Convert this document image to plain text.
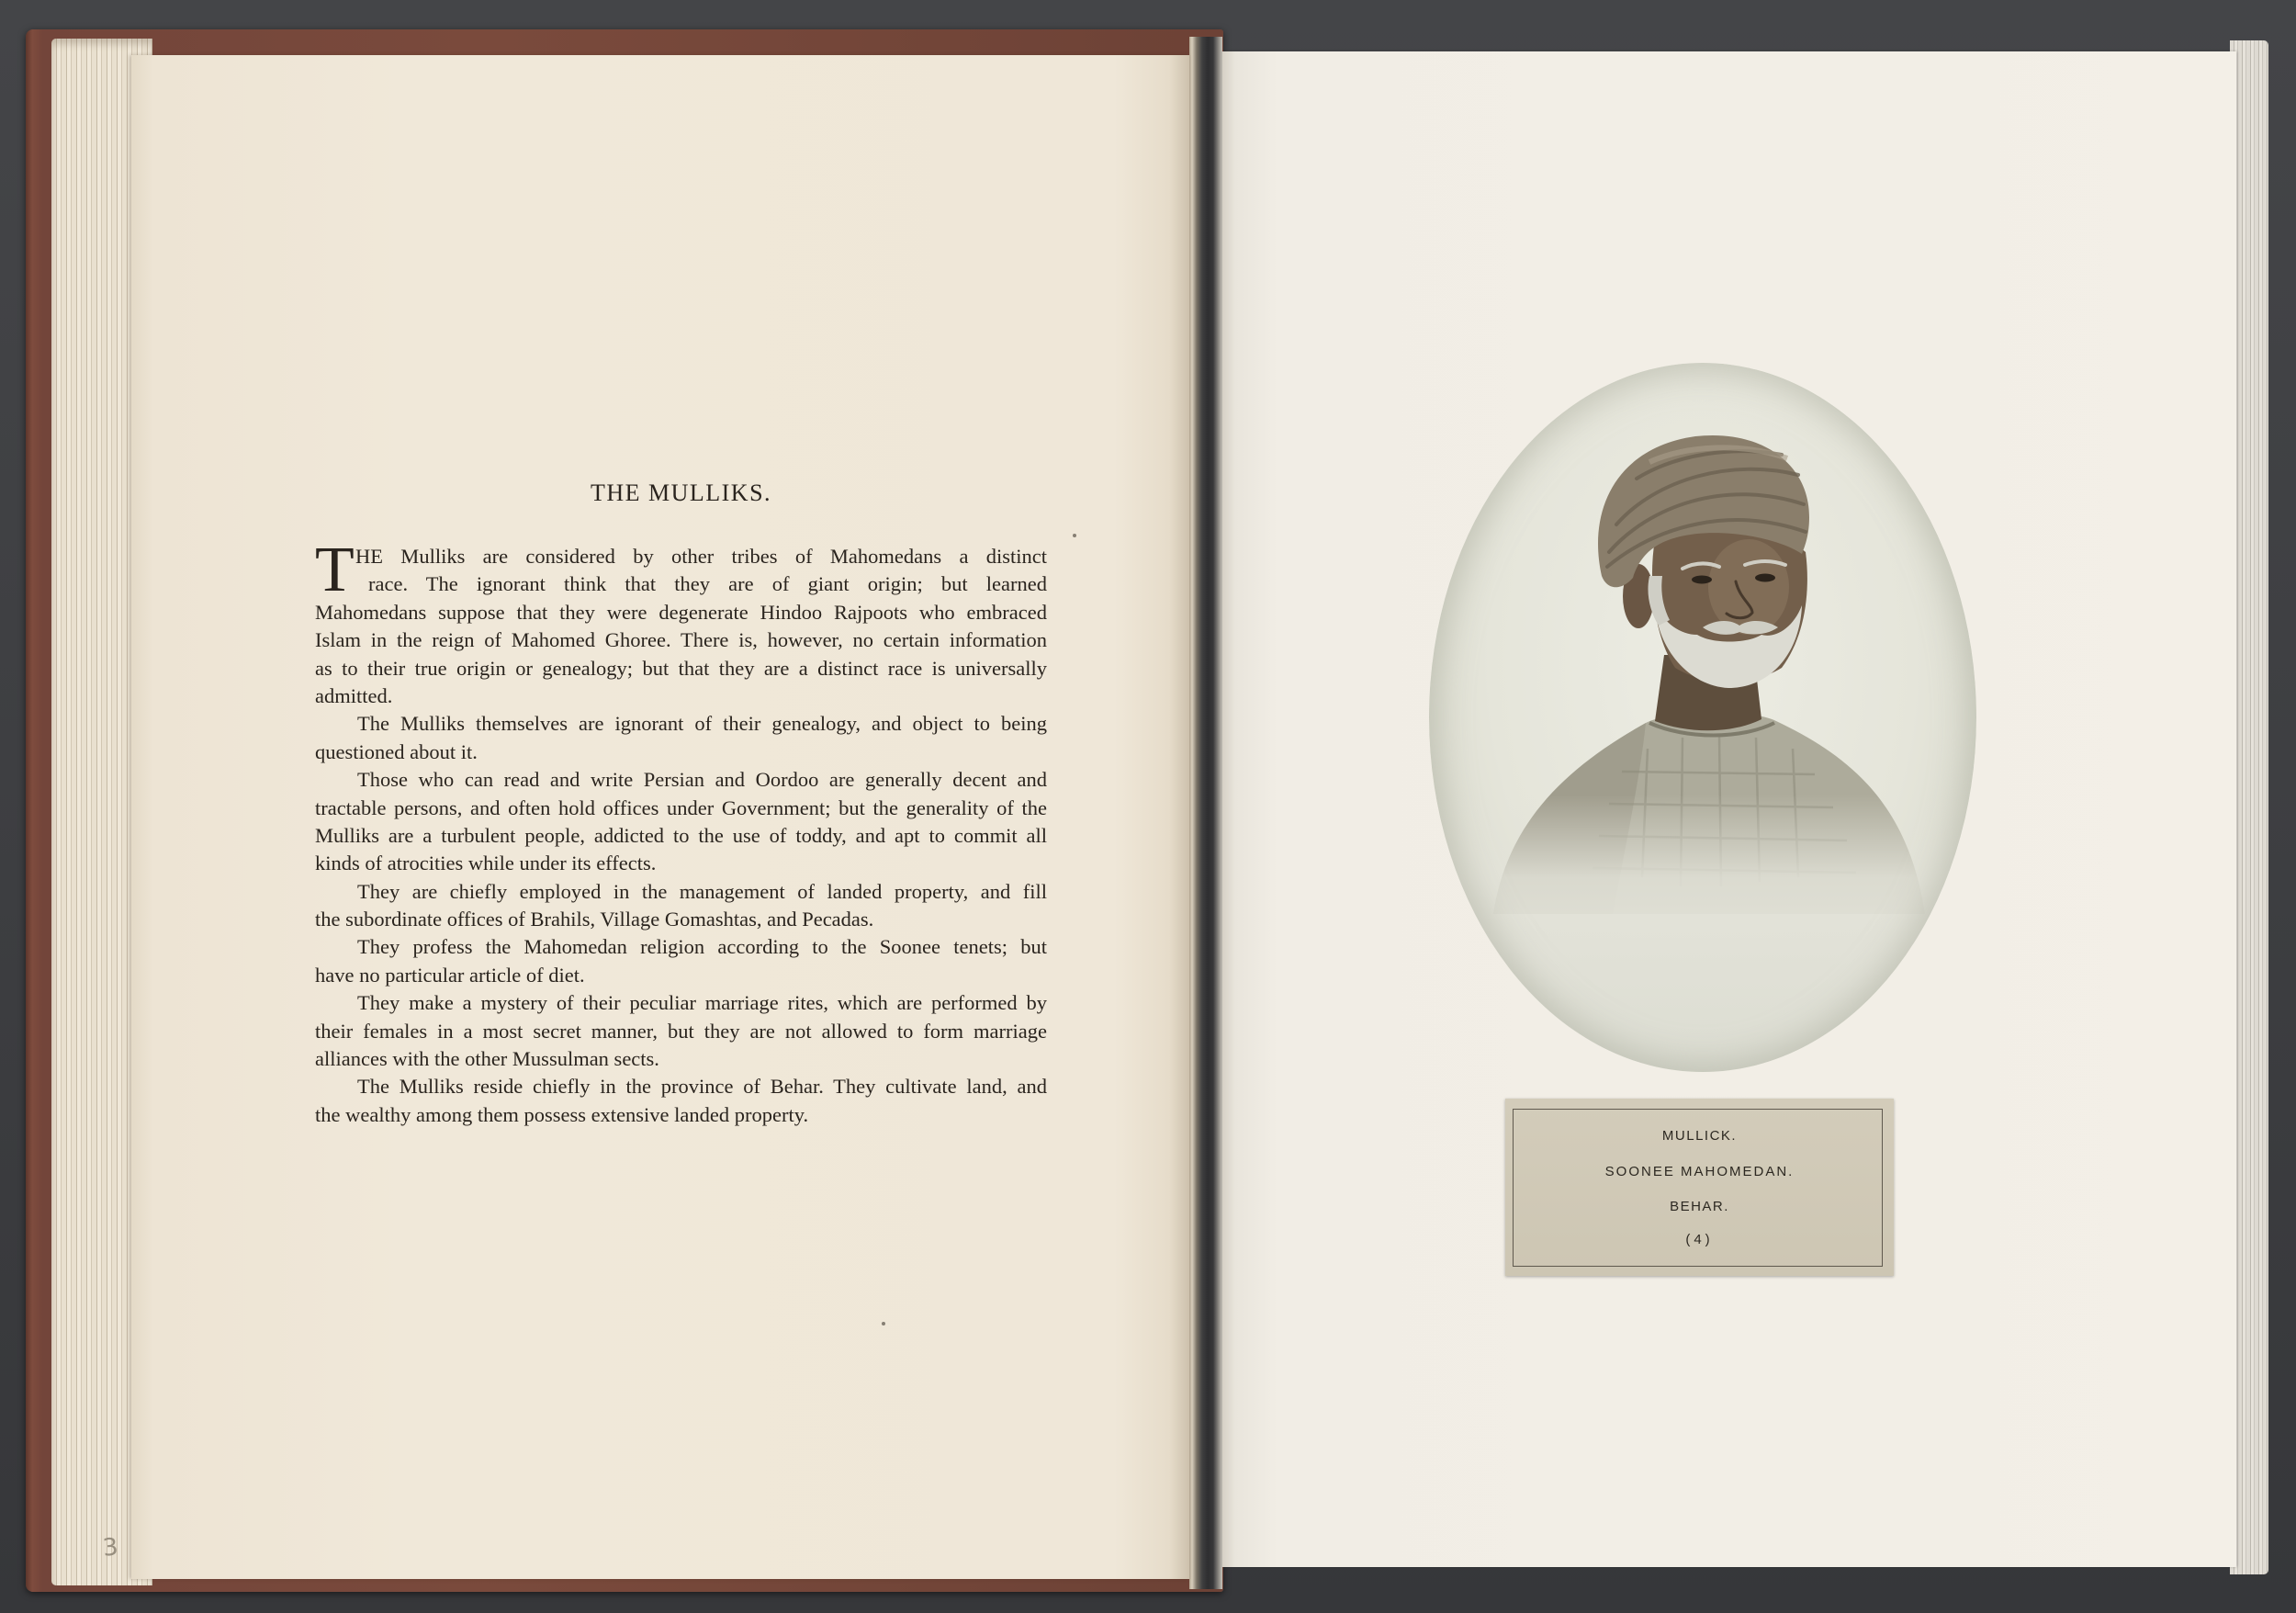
3
THE MULLIKS.
T HE Mulliks are considered by other tribes of Mahomedans a distinct
race. The ignorant think that they are of giant origin; but learned
Mahomedans suppose that they were degenerate Hindoo Rajpoots who embraced
Islam in the reign of Mahomed Ghoree. There is, however, no certain information
as to their true origin or genealogy; but that they are a distinct race is universally
admitted.
The Mulliks themselves are ignorant of their genealogy, and object to being
questioned about it.
Those who can read and write Persian and Oordoo are generally decent and
tractable persons, and often hold offices under Government; but the generality of the
Mulliks are a turbulent people, addicted to the use of toddy, and apt to commit all
kinds of atrocities while under its effects.
They are chiefly employed in the management of landed property, and fill
the subordinate offices of Brahils, Village Gomashtas, and Pecadas.
They profess the Mahomedan religion according to the Soonee tenets; but
have no particular article of diet.
They make a mystery of their peculiar marriage rites, which are performed by
their females in a most secret manner, but they are not allowed to form marriage
alliances with the other Mussulman sects.
The Mulliks reside chiefly in the province of Behar. They cultivate land, and
the wealthy among them possess extensive landed property.
MULLICK.
SOONEE MAHOMEDAN.
BEHAR.
(4)
